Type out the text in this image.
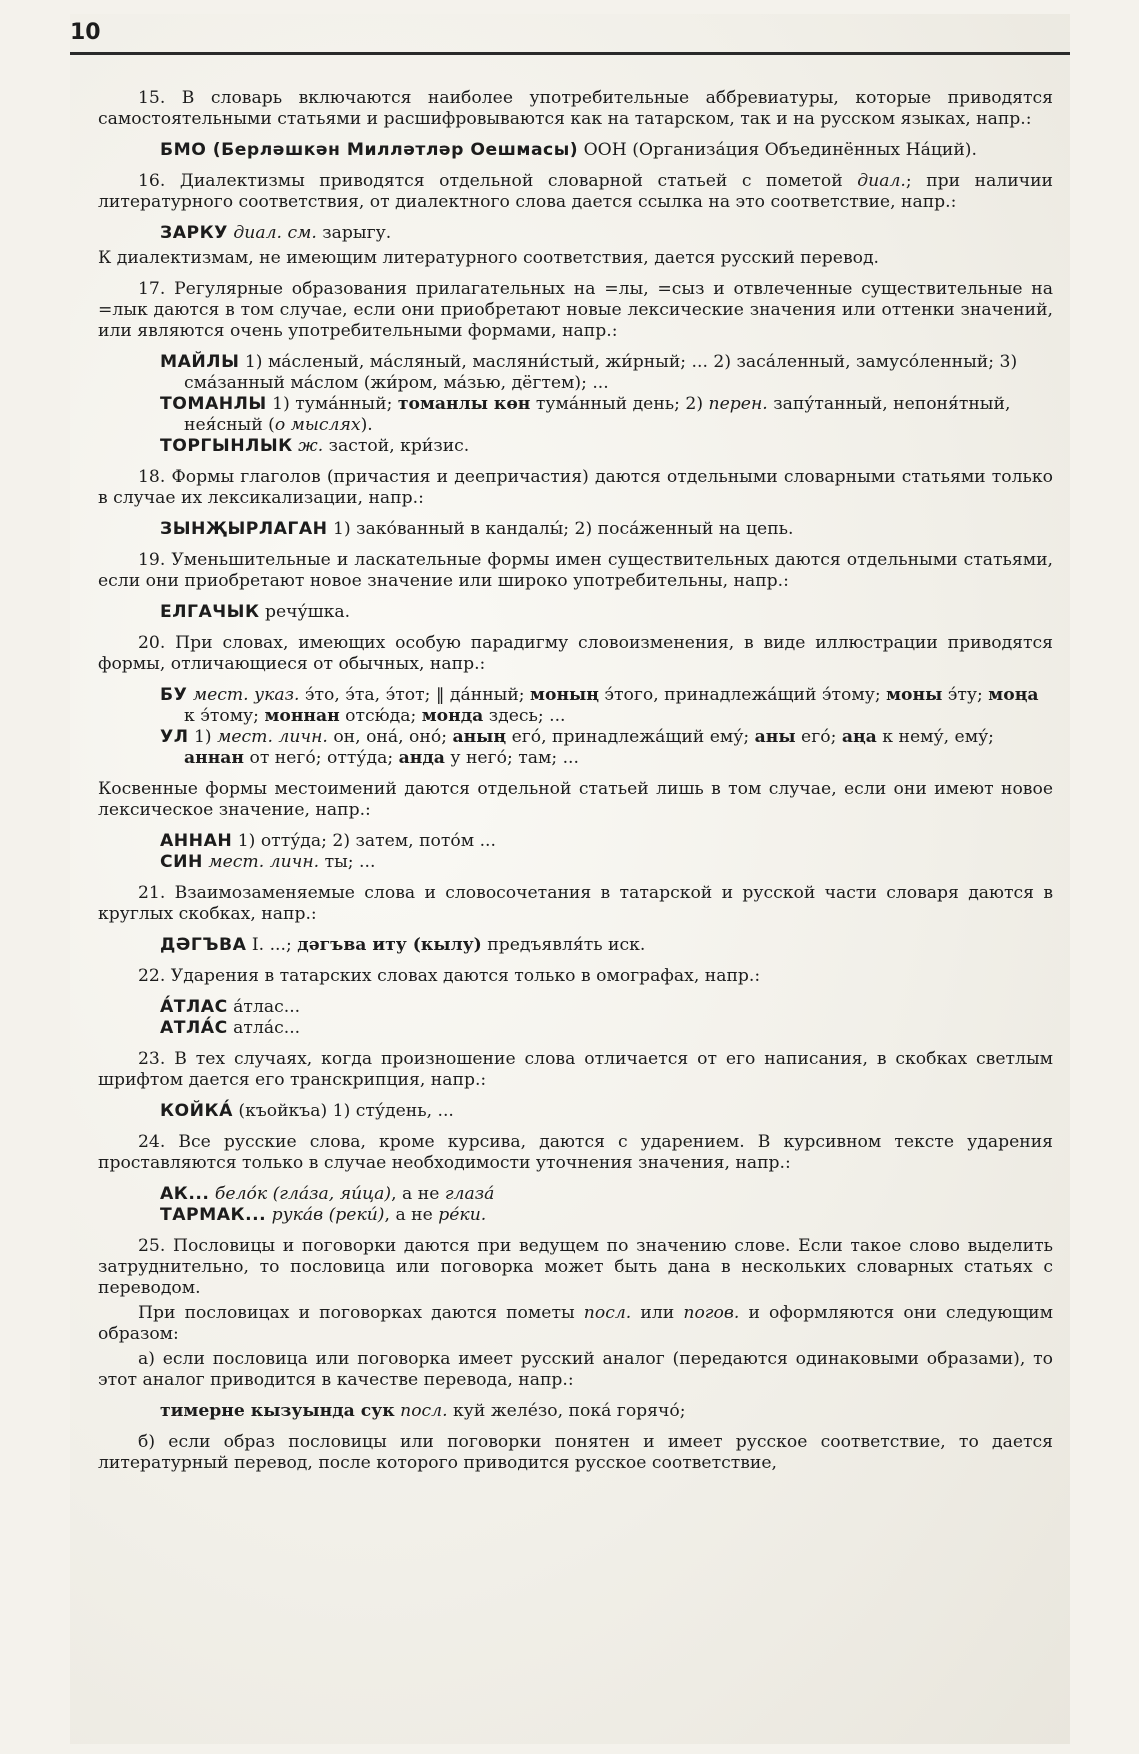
10

15. В словарь включаются наиболее употребительные аббревиатуры, которые приводятся самостоятельными статьями и расшифровываются как на татарском, так и на русском языках, напр.:

БМО (Берләшкән Милләтләр Оешмасы) ООН (Организа́ция Объединённых На́ций).

16. Диалектизмы приводятся отдельной словарной статьей с пометой диал.; при наличии литературного соответствия, от диалектного слова дается ссылка на это соответствие, напр.:

ЗАРКУ диал. см. зарыгу.

К диалектизмам, не имеющим литературного соответствия, дается русский перевод.

17. Регулярные образования прилагательных на =лы, =сыз и отвлеченные существительные на =лык даются в том случае, если они приобретают новые лексические значения или оттенки значений, или являются очень употребительными формами, напр.:

МАЙЛЫ 1) ма́сленый, ма́сляный, масляни́стый, жи́рный; ... 2) заса́ленный, замусо́ленный; 3) сма́занный ма́слом (жи́ром, ма́зью, дёгтем); ...
ТОМАНЛЫ 1) тума́нный; томанлы көн тума́нный день; 2) перен. запу́танный, непоня́тный, нея́сный (о мыслях).
ТОРГЫНЛЫК ж. застой, кри́зис.

18. Формы глаголов (причастия и деепричастия) даются отдельными словарными статьями только в случае их лексикализации, напр.:

ЗЫНҖЫРЛАГАН 1) зако́ванный в кандалы́; 2) поса́женный на цепь.

19. Уменьшительные и ласкательные формы имен существительных даются отдельными статьями, если они приобретают новое значение или широко употребительны, напр.:

ЕЛГАЧЫК речу́шка.

20. При словах, имеющих особую парадигму словоизменения, в виде иллюстрации приводятся формы, отличающиеся от обычных, напр.:

БУ мест. указ. э́то, э́та, э́тот; ‖ да́нный; моның э́того, принадлежа́щий э́тому; моны э́ту; моңа к э́тому; моннан отсю́да; монда здесь; ...
УЛ 1) мест. личн. он, она́, оно́; аның его́, принадлежа́щий ему́; аны его́; аңа к нему́, ему́; аннан от него́; отту́да; анда у него́; там; ...

Косвенные формы местоимений даются отдельной статьей лишь в том случае, если они имеют новое лексическое значение, напр.:

АННАН 1) отту́да; 2) затем, пото́м ...
СИН мест. личн. ты; ...

21. Взаимозаменяемые слова и словосочетания в татарской и русской части словаря даются в круглых скобках, напр.:

ДӘГЪВА I. ...; дәгъва иту (кылу) предъявля́ть иск.

22. Ударения в татарских словах даются только в омографах, напр.:

А́ТЛАС а́тлас...
АТЛА́С атла́с...

23. В тех случаях, когда произношение слова отличается от его написания, в скобках светлым шрифтом дается его транскрипция, напр.:

КОЙКА́ (къойкъа) 1) сту́день, ...

24. Все русские слова, кроме курсива, даются с ударением. В курсивном тексте ударения проставляются только в случае необходимости уточнения значения, напр.:

АК... бело́к (гла́за, яи́ца), а не глаза́
ТАРМАК... рука́в (реки́), а не ре́ки.

25. Пословицы и поговорки даются при ведущем по значению слове. Если такое слово выделить затруднительно, то пословица или поговорка может быть дана в нескольких словарных статьях с переводом.

При пословицах и поговорках даются пометы посл. или погов. и оформляются они следующим образом:

а) если пословица или поговорка имеет русский аналог (передаются одинаковыми образами), то этот аналог приводится в качестве перевода, напр.:

тимерне кызуында сук посл. куй желе́зо, пока́ горячо́;

б) если образ пословицы или поговорки понятен и имеет русское соответствие, то дается литературный перевод, после которого приводится русское соответствие,
